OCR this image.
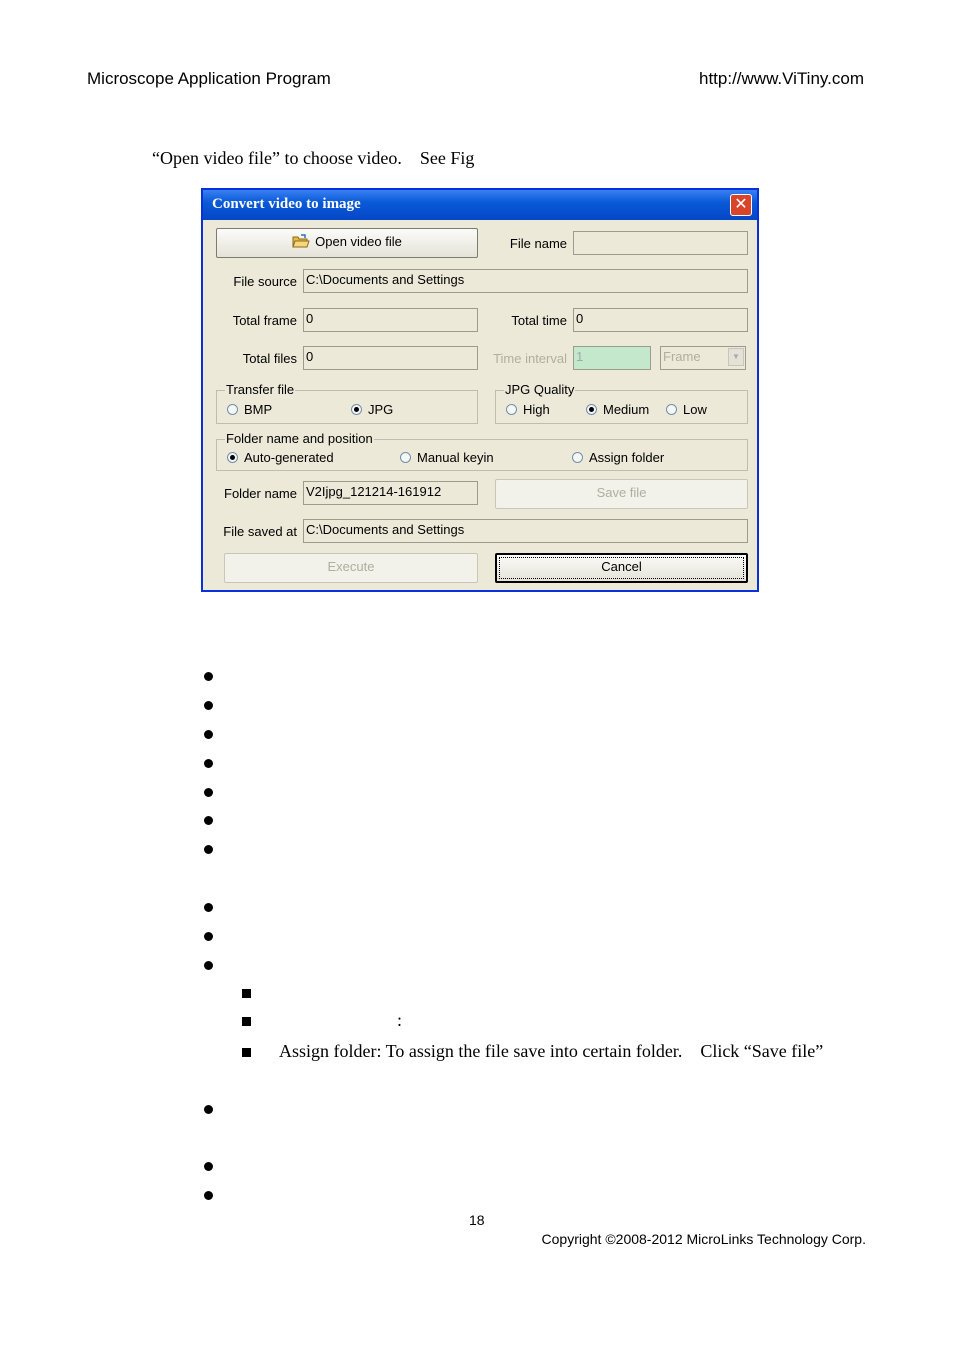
Microscope Application Program	http://www.ViTiny.com
“Open video file” to choose video.    See Fig
Convert video to image	✕
Open video file	File name
File source C:\Documents and Settings
Total frame 0	Total time 0
Total files 0	Time interval 1	Frame	▼
Transfer file
BMP	JPG
JPG Quality
High	Medium	Low
Folder name and position
Auto-generated	Manual keyin	Assign folder
Folder name V2Ijpg_121214-161912	Save file
File saved at C:\Documents and Settings
Execute	Cancel
:
Assign folder: To assign the file save into certain folder.    Click “Save file”
18
Copyright ©2008-2012 MicroLinks Technology Corp.
